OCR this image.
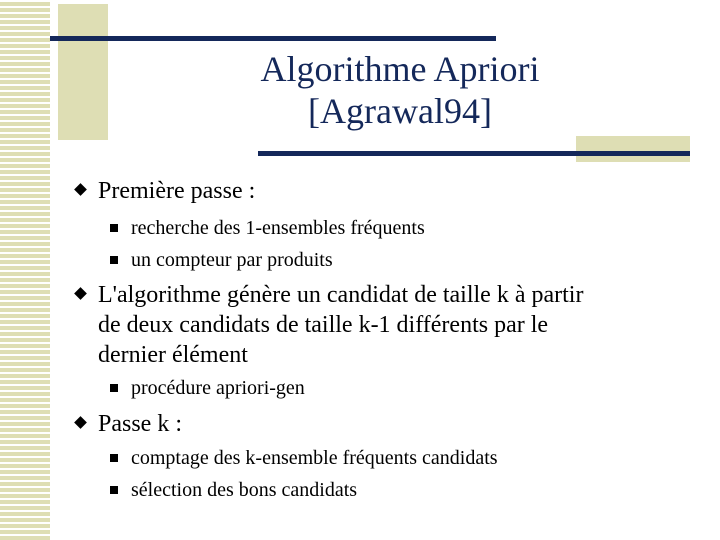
Algorithme Apriori
[Agrawal94]
Première passe :
recherche des 1-ensembles fréquents
un compteur par produits
L'algorithme génère un candidat de taille k à partir
de deux candidats de taille k-1 différents par le
dernier élément
procédure apriori-gen
Passe k :
comptage des k-ensemble fréquents candidats
sélection des bons candidats
